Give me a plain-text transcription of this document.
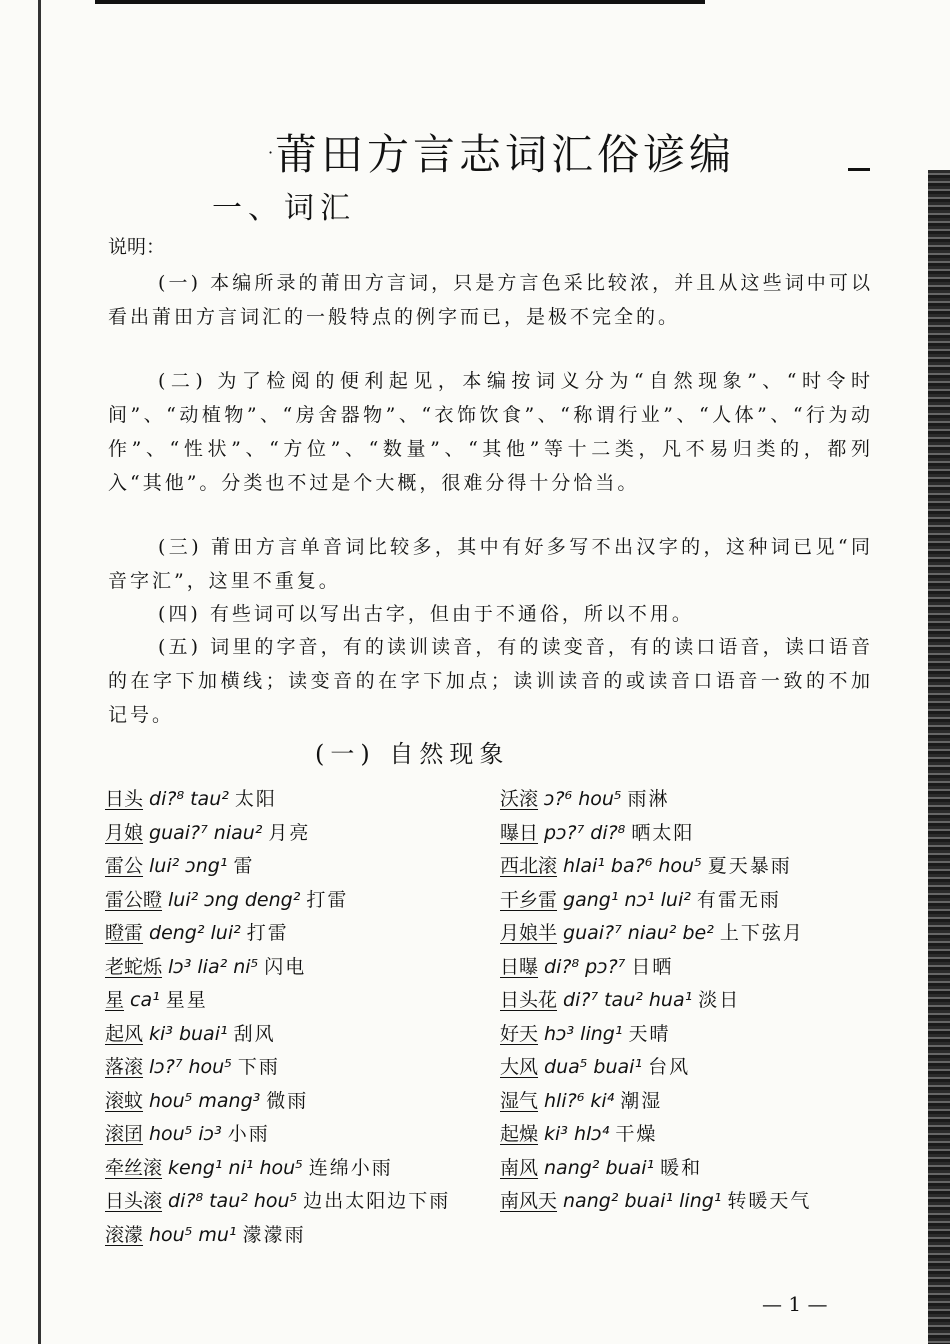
· 莆田方言志词汇俗谚编
一、词汇
说明：

(一) 本编所录的莆田方言词，只是方言色采比较浓，并且从这些词中可以看出莆田方言词汇的一般特点的例字而已，是极不完全的。

(二) 为了检阅的便利起见，本编按词义分为“自然现象”、“时令时间”、“动植物”、“房舍器物”、“衣饰饮食”、“称谓行业”、“人体”、“行为动作”、“性状”、“方位”、“数量”、“其他”等十二类，凡不易归类的，都列入“其他”。分类也不过是个大概，很难分得十分恰当。

(三) 莆田方言单音词比较多，其中有好多写不出汉字的，这种词已见“同音字汇”，这里不重复。

(四) 有些词可以写出古字，但由于不通俗，所以不用。

(五) 词里的字音，有的读训读音，有的读变音，有的读口语音，读口语音的在字下加横线；读变音的在字下加点；读训读音的或读音口语音一致的不加记号。

(一) 自然现象
日头 di?⁸ tau² 太阳
月娘 guai?⁷ niau² 月亮
雷公 lui² ɔng¹ 雷
雷公瞪 lui² ɔng deng² 打雷
瞪雷 deng² lui² 打雷
老蛇烁 lɔ³ lia² ni⁵ 闪电
星 ca¹ 星星
起风 ki³ buai¹ 刮风
落滚 lɔ?⁷ hou⁵ 下雨
滚蚊 hou⁵ mang³ 微雨
滚囝 hou⁵ iɔ³ 小雨
牵丝滚 keng¹ ni¹ hou⁵ 连绵小雨
日头滚 di?⁸ tau² hou⁵ 边出太阳边下雨
滚濛 hou⁵ mu¹ 濛濛雨
沃滚 ɔ?⁶ hou⁵ 雨淋
曝日 pɔ?⁷ di?⁸ 晒太阳
西北滚 hlai¹ ba?⁶ hou⁵ 夏天暴雨
干乡雷 gang¹ nɔ¹ lui² 有雷无雨
月娘半 guai?⁷ niau² be² 上下弦月
日曝 di?⁸ pɔ?⁷ 日晒
日头花 di?⁷ tau² hua¹ 淡日
好天 hɔ³ ling¹ 天晴
大风 dua⁵ buai¹ 台风
湿气 hli?⁶ ki⁴ 潮湿
起燥 ki³ hlɔ⁴ 干燥
南风 nang² buai¹ 暖和
南风天 nang² buai¹ ling¹ 转暖天气
— 1 —
